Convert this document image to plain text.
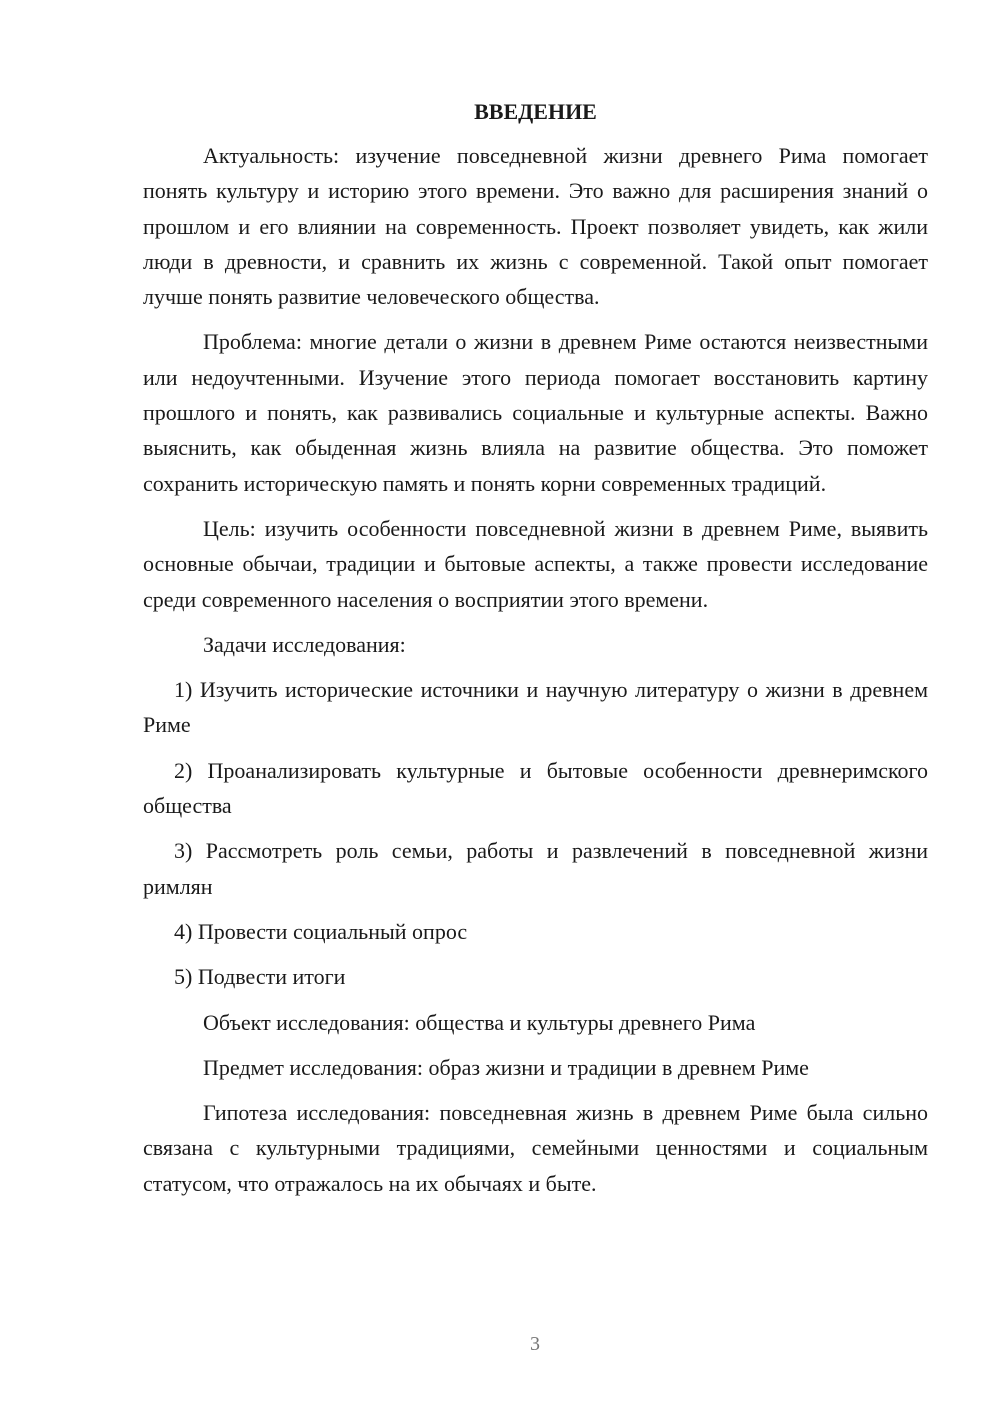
ВВЕДЕНИЕ

Актуальность: изучение повседневной жизни древнего Рима помогает понять культуру и историю этого времени. Это важно для расширения знаний о прошлом и его влиянии на современность. Проект позволяет увидеть, как жили люди в древности, и сравнить их жизнь с современной. Такой опыт помогает лучше понять развитие человеческого общества.

Проблема: многие детали о жизни в древнем Риме остаются неизвестными или недоучтенными. Изучение этого периода помогает восстановить картину прошлого и понять, как развивались социальные и культурные аспекты. Важно выяснить, как обыденная жизнь влияла на развитие общества. Это поможет сохранить историческую память и понять корни современных традиций.

Цель: изучить особенности повседневной жизни в древнем Риме, выявить основные обычаи, традиции и бытовые аспекты, а также провести исследование среди современного населения о восприятии этого времени.

Задачи исследования:

1) Изучить исторические источники и научную литературу о жизни в древнем Риме

2) Проанализировать культурные и бытовые особенности древнеримского общества

3) Рассмотреть роль семьи, работы и развлечений в повседневной жизни римлян

4) Провести социальный опрос

5) Подвести итоги

Объект исследования: общества и культуры древнего Рима

Предмет исследования: образ жизни и традиции в древнем Риме

Гипотеза исследования: повседневная жизнь в древнем Риме была сильно связана с культурными традициями, семейными ценностями и социальным статусом, что отражалось на их обычаях и быте.

3
